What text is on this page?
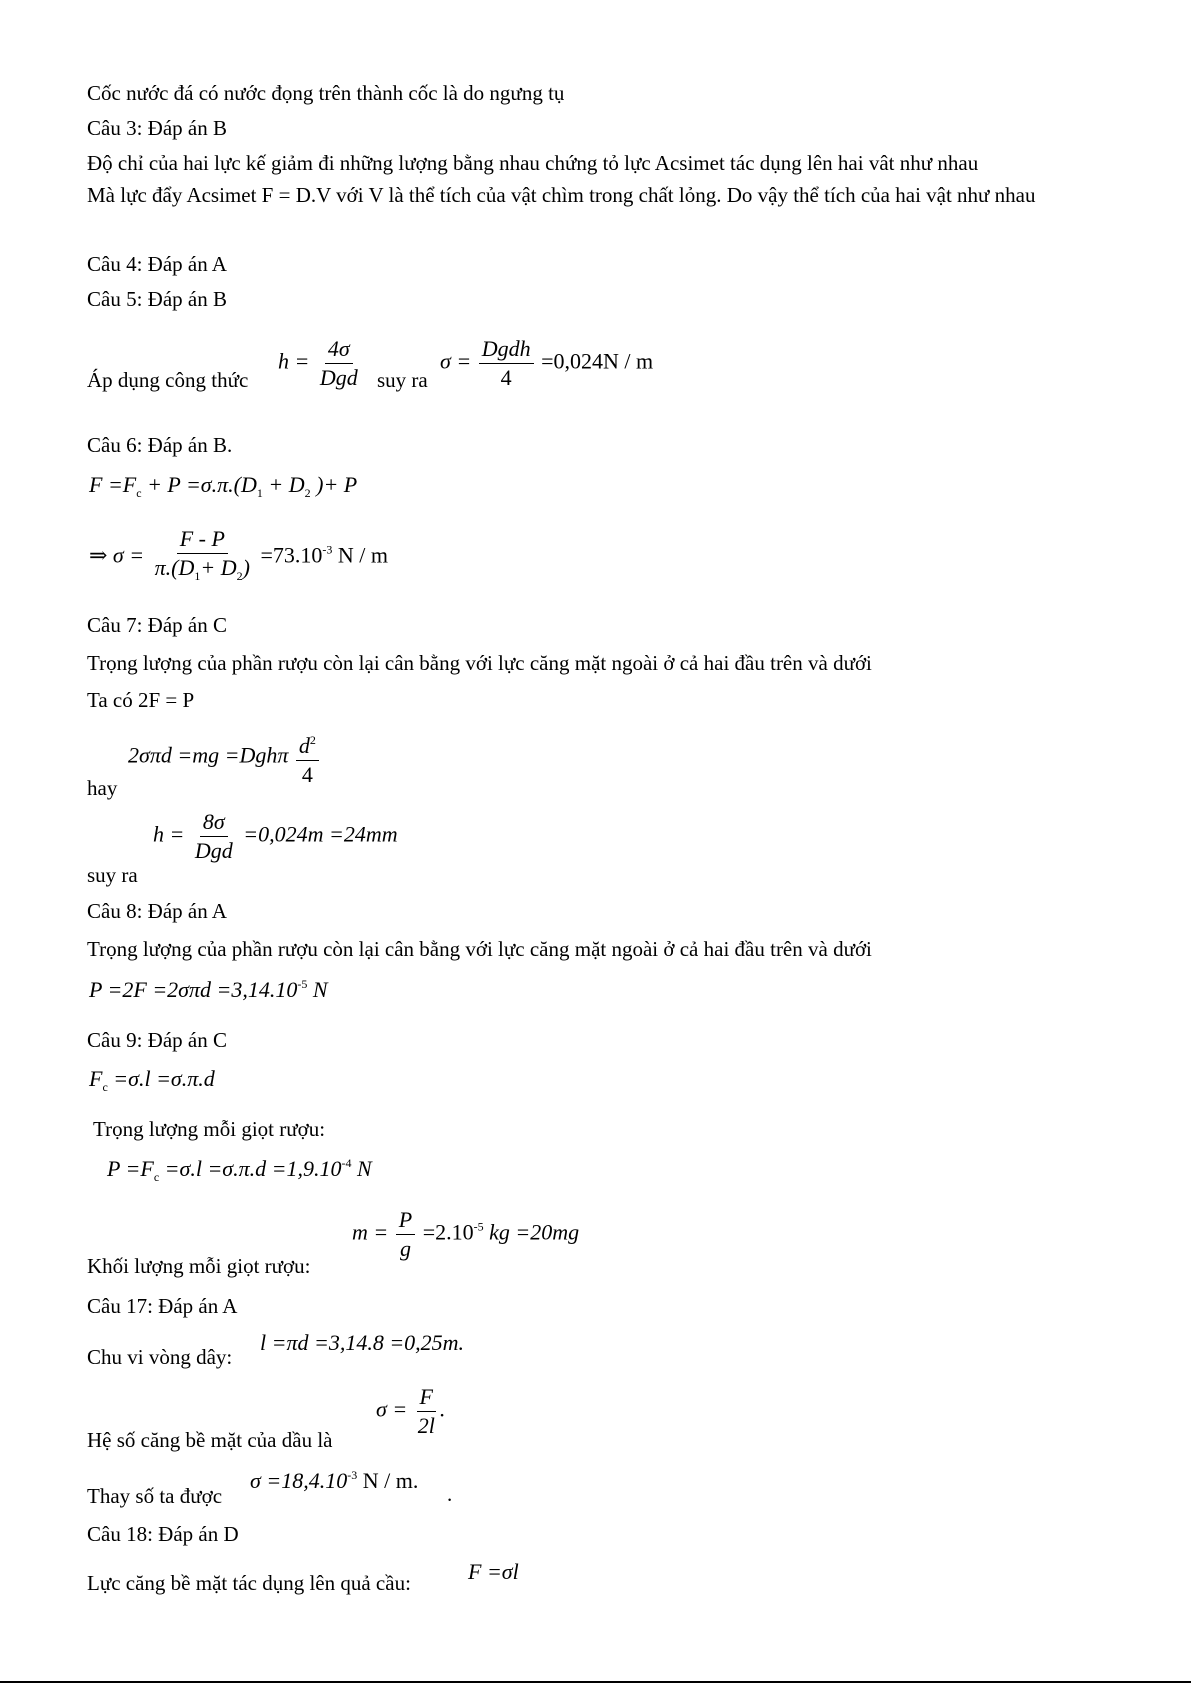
Cốc nước đá có nước đọng trên thành cốc là do ngưng tụ
Câu 3: Đáp án B
Độ chỉ của hai lực kế giảm đi những lượng bằng nhau chứng tỏ lực Acsimet tác dụng lên hai vât như nhau
Mà lực đẩy Acsimet F = D.V với V là thể tích của vật chìm trong chất lỏng. Do vậy thể tích của hai vật như nhau
Câu 4: Đáp án A
Câu 5: Đáp án B
$h = \frac{4\sigma}{\text{Dgd}}$
Áp dụng công thức	suy ra
$\sigma = \frac{\text{Dgdh}}{4} =0,024N / m$
Câu 6: Đáp án B.
$F =F_c + P =\sigma.\pi.(D_1 + D_2$ )+ P
⇒ $\sigma = \frac{F - P}{\pi.(D_1+ D_2)} =73.10^{-3}$ N / m
Câu 7: Đáp án C
Trọng lượng của phần rượu còn lại cân bằng với lực căng mặt ngoài ở cả hai đầu trên và dưới
Ta có 2F = P
$2\sigma\pi d =mg =Dgh\pi \frac{d^2}{4}$
hay
$h = \frac{8\sigma}{\text{Dgd}} =0,024m =24mm$
suy ra
Câu 8: Đáp án A
Trọng lượng của phần rượu còn lại cân bằng với lực căng mặt ngoài ở cả hai đầu trên và dưới
$P =2F =2\sigma\pi d =3,14.10^{-5}$ N
Câu 9: Đáp án C
$F_c =\sigma.l =\sigma.\pi.d$
Trọng lượng mỗi giọt rượu:
$P =F_c =\sigma.l =\sigma.\pi.d =1,9.10^{-4}$ N
$m = \frac{P}{g} =2.10^{-5}$ kg =20mg
Khối lượng mỗi giọt rượu:
Câu 17: Đáp án A
Chu vi vòng dây:
l =πd =3,14.8 =0,25m.
$\sigma = \frac{F}{2l}$ .
Hệ số căng bề mặt của dầu là
$\sigma =18,4.10^{-3}$ N / m.
Thay số ta được	.
Câu 18: Đáp án D
Lực căng bề mặt tác dụng lên quả cầu:	F =σl
